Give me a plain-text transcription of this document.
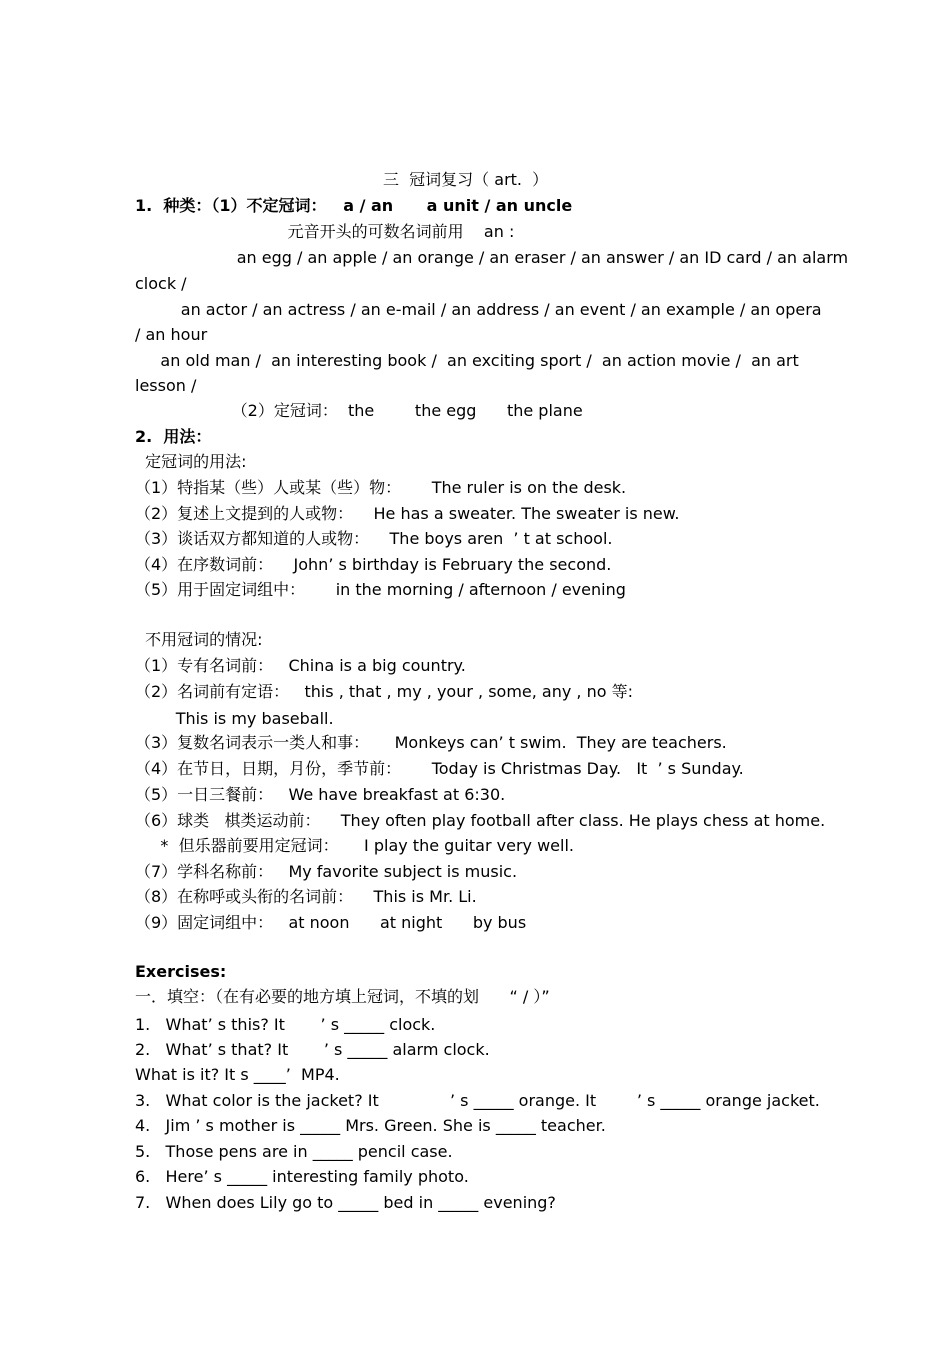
三  冠词复习（ art.  ）
1.  种类：（1）不定冠词：   a / an      a unit / an uncle
元音开头的可数名词前用    an :
an egg / an apple / an orange / an eraser / an answer / an ID card / an alarm
clock /
an actor / an actress / an e-mail / an address / an event / an example / an opera
/ an hour
an old man /  an interesting book /  an exciting sport /  an action movie /  an art
lesson /
（2）定冠词：  the        the egg      the plane
2.  用法：
定冠词的用法:
（1）特指某（些）人或某（些）物：      The ruler is on the desk.
（2）复述上文提到的人或物：    He has a sweater. The sweater is new.
（3）谈话双方都知道的人或物：    The boys aren  ’ t at school.
（4）在序数词前：    John’ s birthday is February the second.
（5）用于固定词组中：      in the morning / afternoon / evening
不用冠词的情况:
（1）专有名词前：   China is a big country.
（2）名词前有定语：   this , that , my , your , some, any , no 等:
This is my baseball.
（3）复数名词表示一类人和事：     Monkeys can’ t swim.  They are teachers.
（4）在节日，日期，月份，季节前：      Today is Christmas Day.   It  ’ s Sunday.
（5）一日三餐前：   We have breakfast at 6:30.
（6）球类   棋类运动前：    They often play football after class. He plays chess at home.
*  但乐器前要用定冠词：     I play the guitar very well.
（7）学科名称前：   My favorite subject is music.
（8）在称呼或头衔的名词前：    This is Mr. Li.
（9）固定词组中：   at noon      at night      by bus
Exercises:
一．填空：（在有必要的地方填上冠词，不填的划      “ / ）”
1.   What’ s this? It       ’ s _____ clock.
2.   What’ s that? It       ’ s _____ alarm clock.
What is it? It s ____’  MP4.
3.   What color is the jacket? It              ’ s _____ orange. It        ’ s _____ orange jacket.
4.   Jim ’ s mother is _____ Mrs. Green. She is _____ teacher.
5.   Those pens are in _____ pencil case.
6.   Here’ s _____ interesting family photo.
7.   When does Lily go to _____ bed in _____ evening?
